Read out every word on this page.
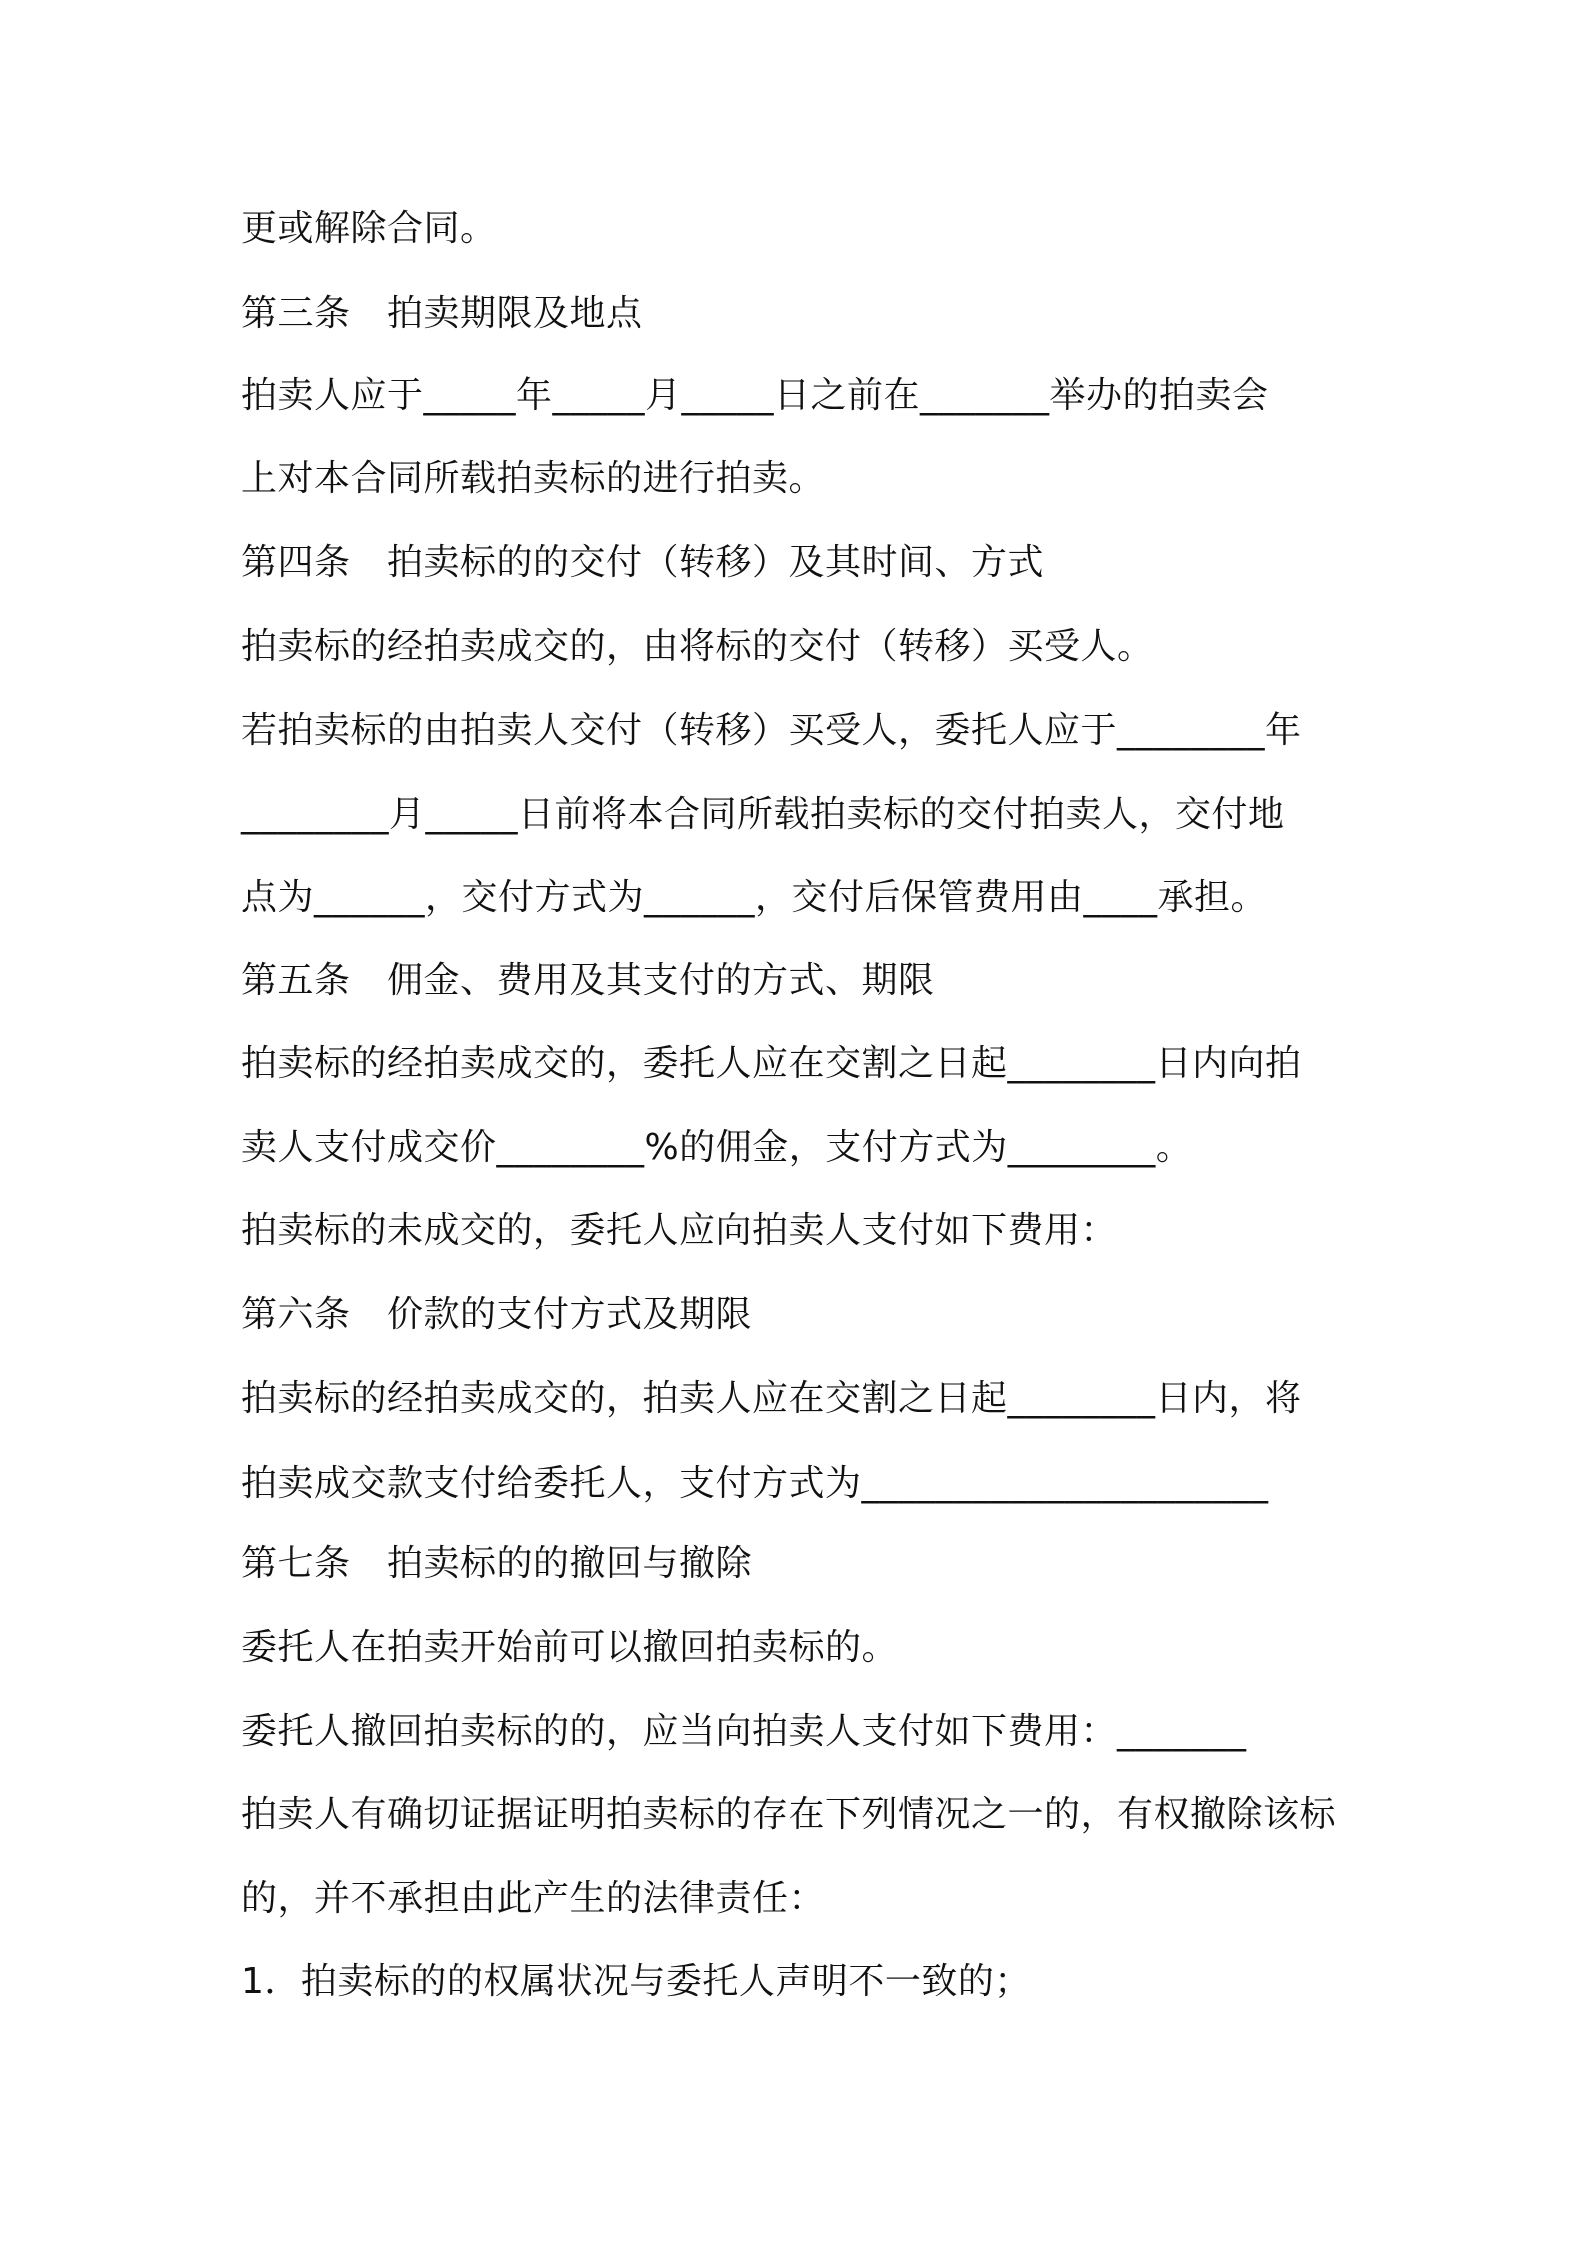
更或解除合同。
第三条　拍卖期限及地点
拍卖人应于_____年_____月_____日之前在_______举办的拍卖会
上对本合同所载拍卖标的进行拍卖。
第四条　拍卖标的的交付（转移）及其时间、方式
拍卖标的经拍卖成交的，由将标的交付（转移）买受人。
若拍卖标的由拍卖人交付（转移）买受人，委托人应于________年
________月_____日前将本合同所载拍卖标的交付拍卖人，交付地
点为______，交付方式为______，交付后保管费用由____承担。
第五条　佣金、费用及其支付的方式、期限
拍卖标的经拍卖成交的，委托人应在交割之日起________日内向拍
卖人支付成交价________%的佣金，支付方式为________。
拍卖标的未成交的，委托人应向拍卖人支付如下费用：
第六条　价款的支付方式及期限
拍卖标的经拍卖成交的，拍卖人应在交割之日起________日内，将
拍卖成交款支付给委托人，支付方式为______________________
第七条　拍卖标的的撤回与撤除
委托人在拍卖开始前可以撤回拍卖标的。
委托人撤回拍卖标的的，应当向拍卖人支付如下费用：_______
拍卖人有确切证据证明拍卖标的存在下列情况之一的，有权撤除该标
的，并不承担由此产生的法律责任：
1．拍卖标的的权属状况与委托人声明不一致的；
